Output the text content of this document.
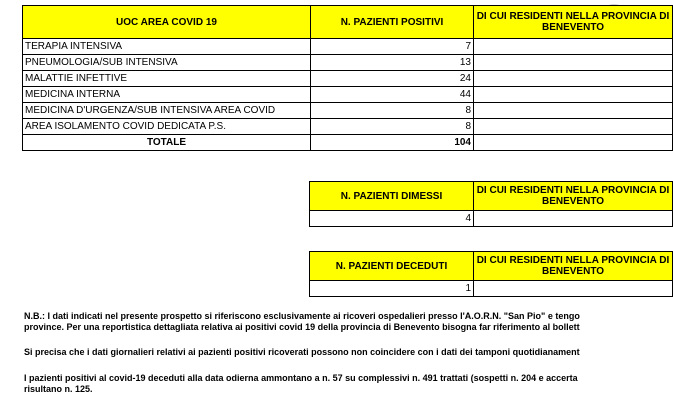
UOC AREA COVID 19	N. PAZIENTI POSITIVI	DI CUI RESIDENTI NELLA PROVINCIA DI BENEVENTO
TERAPIA INTENSIVA	7	
PNEUMOLOGIA/SUB INTENSIVA	13	
MALATTIE INFETTIVE	24	
MEDICINA INTERNA	44	
MEDICINA D'URGENZA/SUB INTENSIVA AREA COVID	8	
AREA ISOLAMENTO COVID DEDICATA P.S.	8	
TOTALE	104	
N. PAZIENTI DIMESSI	DI CUI RESIDENTI NELLA PROVINCIA DI BENEVENTO
4	
N. PAZIENTI DECEDUTI	DI CUI RESIDENTI NELLA PROVINCIA DI BENEVENTO
1	
N.B.: I dati indicati nel presente prospetto si riferiscono esclusivamente ai ricoveri ospedalieri presso l'A.O.R.N. "San Pio" e tengo
province. Per una reportistica dettagliata relativa ai positivi covid 19 della provincia di Benevento bisogna far riferimento al bollett
Si precisa che i dati giornalieri relativi ai pazienti positivi ricoverati possono non coincidere con i dati dei tamponi quotidianament
I pazienti positivi al covid-19 deceduti alla data odierna ammontano a n. 57 su complessivi n. 491 trattati (sospetti n. 204 e accerta
risultano n. 125.
